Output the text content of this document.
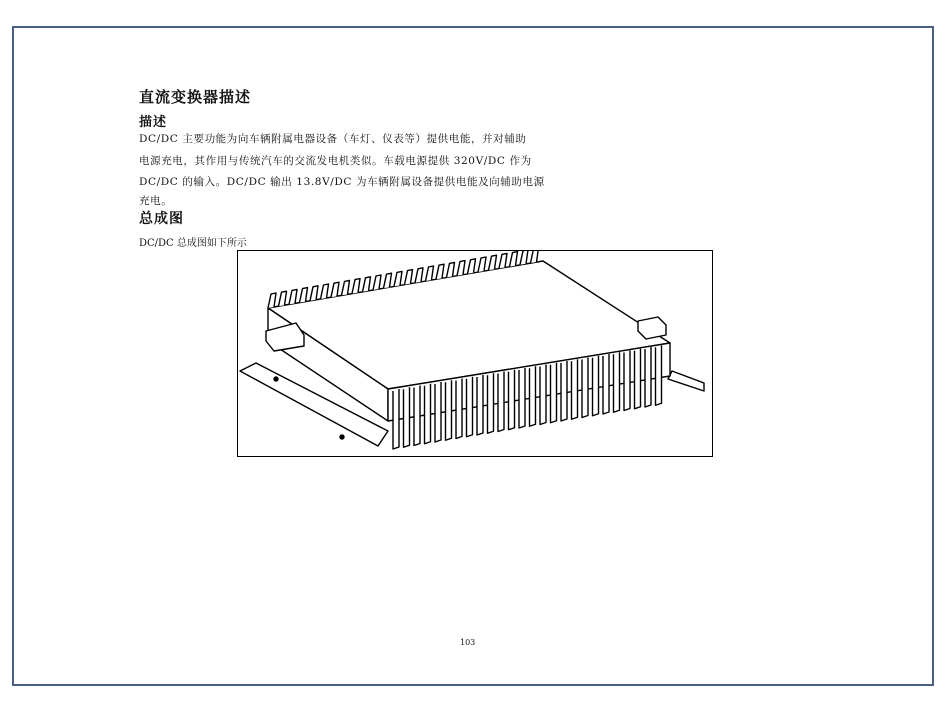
直流变换器描述
描述
DC/DC 主要功能为向车辆附属电器设备（车灯、仪表等）提供电能，并对辅助
电源充电，其作用与传统汽车的交流发电机类似。车载电源提供 320V/DC 作为
DC/DC 的输入。DC/DC 输出 13.8V/DC 为车辆附属设备提供电能及向辅助电源
充电。
总成图
DC/DC 总成图如下所示
103
